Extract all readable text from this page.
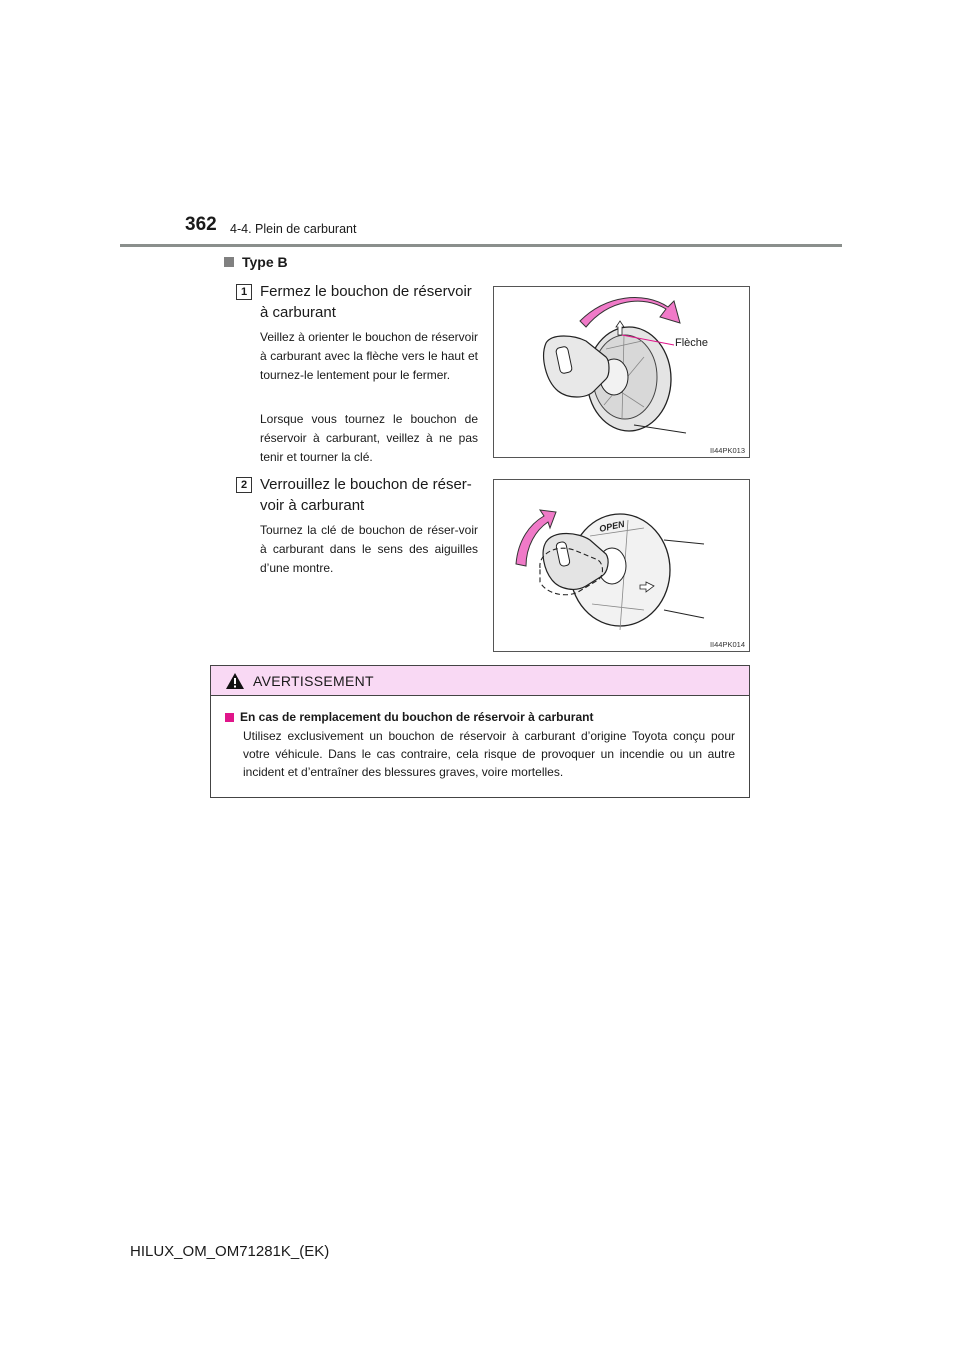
362 4-4. Plein de carburant
Type B
1 Fermez le bouchon de réservoir à carburant
Veillez à orienter le bouchon de réservoir à carburant avec la flèche vers le haut et tournez-le lentement pour le fermer.
Lorsque vous tournez le bouchon de réservoir à carburant, veillez à ne pas tenir et tourner la clé.
Flèche
II44PK013
2 Verrouillez le bouchon de réser-voir à carburant
Tournez la clé de bouchon de réser-voir à carburant dans le sens des aiguilles d’une montre.
OPEN
II44PK014
AVERTISSEMENT
En cas de remplacement du bouchon de réservoir à carburant
Utilisez exclusivement un bouchon de réservoir à carburant d’origine Toyota conçu pour votre véhicule. Dans le cas contraire, cela risque de provoquer un incendie ou un autre incident et d’entraîner des blessures graves, voire mortelles.
HILUX_OM_OM71281K_(EK)
